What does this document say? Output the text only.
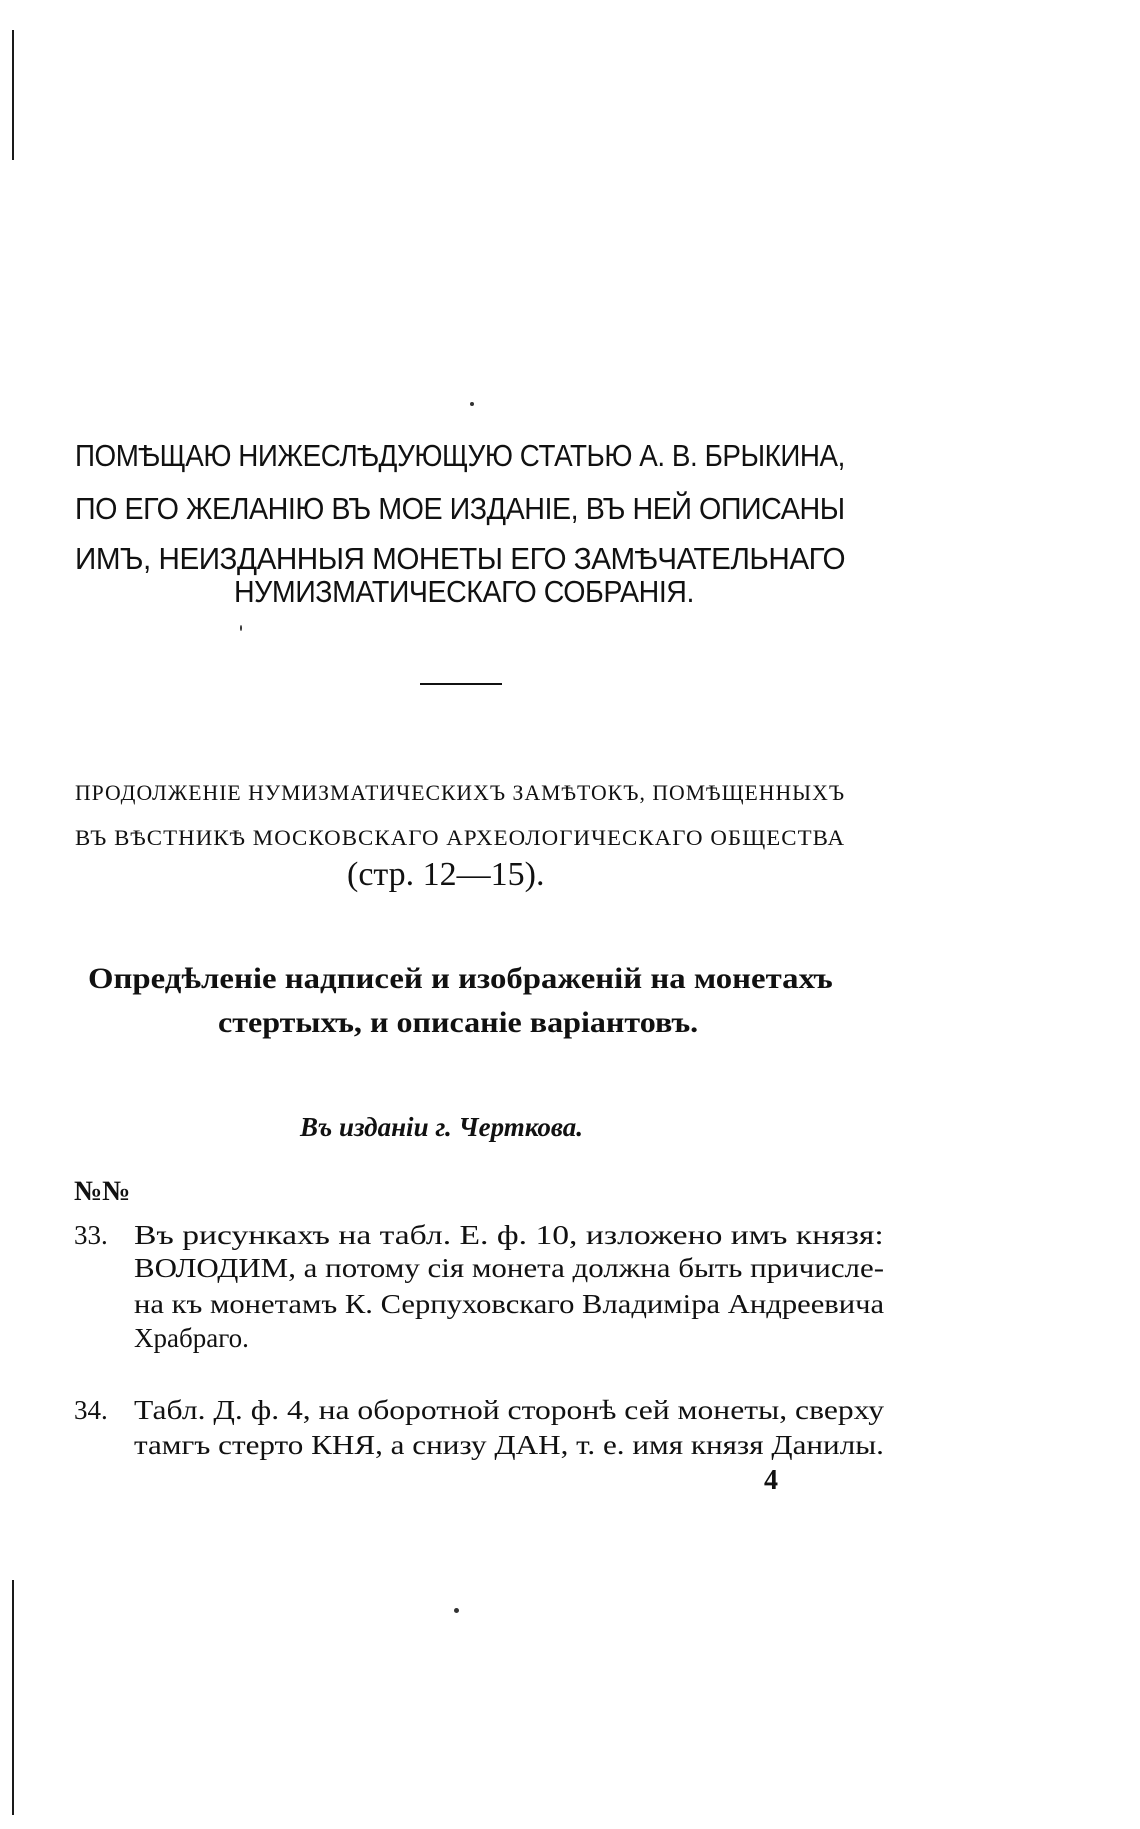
ПОМѢЩАЮ НИЖЕСЛѢДУЮЩУЮ СТАТЬЮ А. В. БРЫКИНА,
ПО ЕГО ЖЕЛАНІЮ ВЪ МОЕ ИЗДАНІЕ, ВЪ НЕЙ ОПИСАНЫ
ИМЪ, НЕИЗДАННЫЯ МОНЕТЫ ЕГО ЗАМѢЧАТЕЛЬНАГО
НУМИЗМАТИЧЕСКАГО СОБРАНІЯ.
ПРОДОЛЖЕНІЕ НУМИЗМАТИЧЕСКИХЪ ЗАМѢТОКЪ, ПОМѢЩЕННЫХЪ
ВЪ ВѢСТНИКѢ МОСКОВСКАГО АРХЕОЛОГИЧЕСКАГО ОБЩЕСТВА
(стр. 12—15).
Опредѣленіе надписей и изображеній на монетахъ
стертыхъ, и описаніе варіантовъ.
Въ изданіи г. Черткова.
№№
33. Въ рисункахъ на табл. Е. ф. 10, изложено имъ князя:
ВОЛОДИМ, а потому сія монета должна быть причисле-
на къ монетамъ К. Серпуховскаго Владиміра Андреевича
Храбраго.
34. Табл. Д. ф. 4, на оборотной сторонѣ сей монеты, сверху
тамгъ стерто КНЯ, а снизу ДАН, т. е. имя князя Данилы.
4
